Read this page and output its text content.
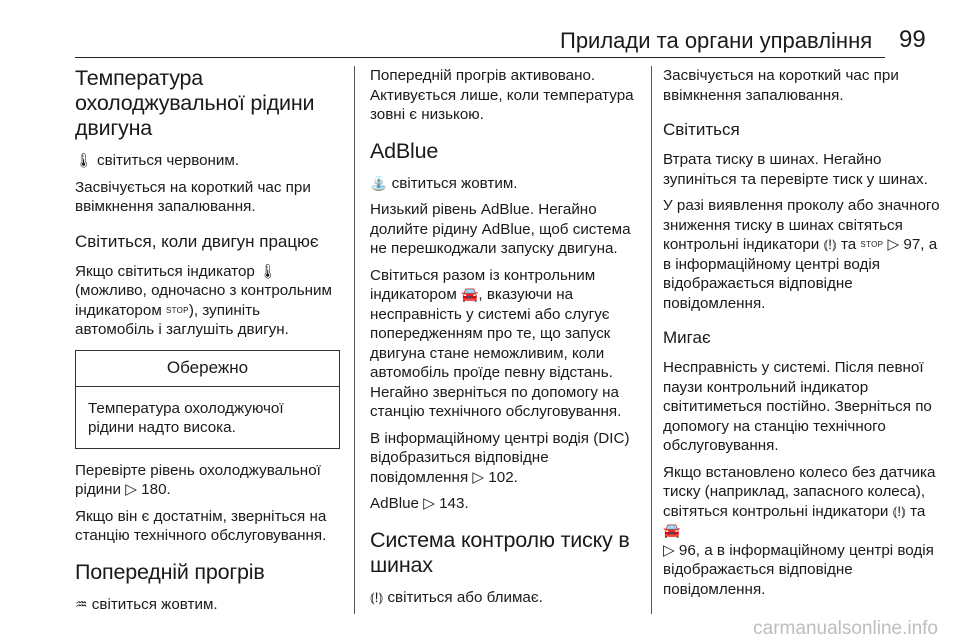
Прилади та органи управління 99
Температура охолоджувальної рідини двигуна

🌡 світиться червоним.

Засвічується на короткий час при ввімкнення запалювання.

Світиться, коли двигун працює

Якщо світиться індикатор 🌡 (можливо, одночасно з контрольним індикатором STOP), зупиніть автомобіль і заглушіть двигун.

Обережно
Температура охолоджуючої рідини надто висока.

Перевірте рівень охолоджувальної рідини ▷ 180.

Якщо він є достатнім, зверніться на станцію технічного обслуговування.

Попередній прогрів

♒ світиться жовтим.

Попередній прогрів активовано. Активується лише, коли температура зовні є низькою.

AdBlue

⛲ світиться жовтим.

Низький рівень AdBlue. Негайно долийте рідину AdBlue, щоб система не перешкоджали запуску двигуна.

Світиться разом із контрольним індикатором 🚘, вказуючи на несправність у системі або слугує попередженням про те, що запуск двигуна стане неможливим, коли автомобіль проїде певну відстань. Негайно зверніться по допомогу на станцію технічного обслуговування.

В інформаційному центрі водія (DIC) відобразиться відповідне повідомлення ▷ 102.

AdBlue ▷ 143.

Система контролю тиску в шинах

⦅!⦆ світиться або блимає.

Засвічується на короткий час при ввімкнення запалювання.

Світиться

Втрата тиску в шинах. Негайно зупиніться та перевірте тиск у шинах.

У разі виявлення проколу або значного зниження тиску в шинах світяться контрольні індикатори ⦅!⦆ та STOP ▷ 97, а в інформаційному центрі водія відображається відповідне повідомлення.

Мигає

Несправність у системі. Після певної паузи контрольний індикатор світитиметься постійно. Зверніться по допомогу на станцію технічного обслуговування.

Якщо встановлено колесо без датчика тиску (наприклад, запасного колеса), світяться контрольні індикатори ⦅!⦆ та 🚘
▷ 96, а в інформаційному центрі водія відображається відповідне повідомлення.

carmanualsonline.info
